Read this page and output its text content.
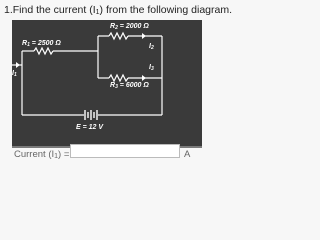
1.Find the current (I1) from the following diagram.
$R_2 = 2000$ Ω
$R_1 = 2500$ Ω	$I_2$
$I_3$
$R_3 = 6000$ Ω
$I_1$
E = 12 V
Current (I1) =	A
